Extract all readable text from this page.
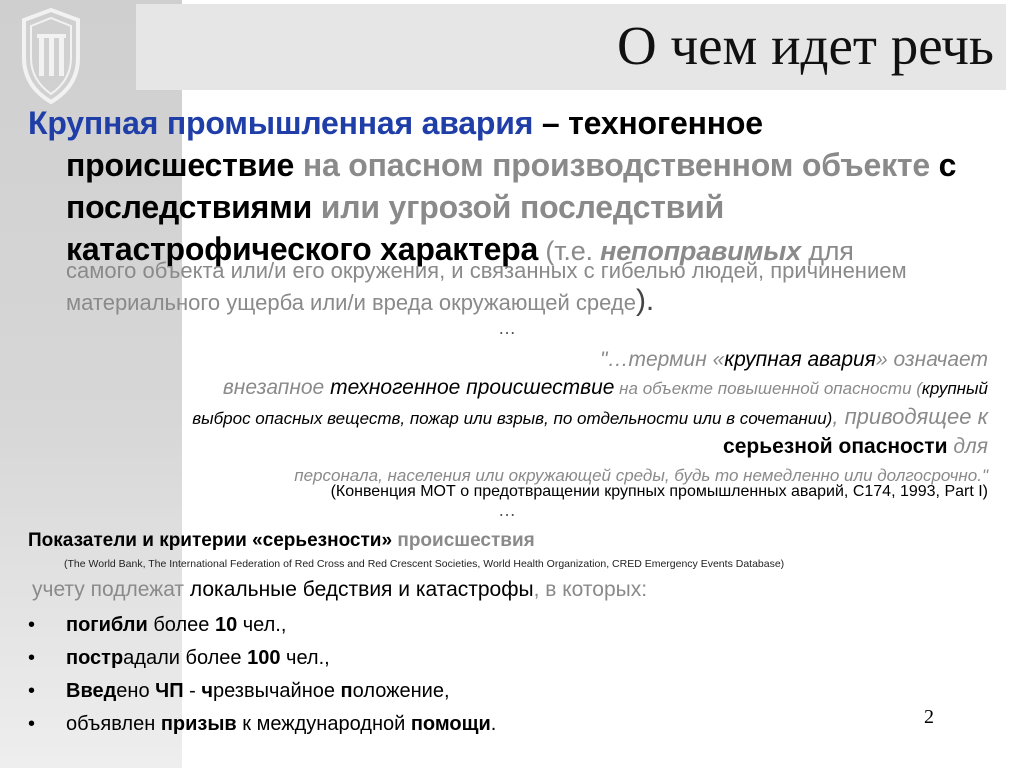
О чем идет речь
Крупная промышленная авария – техногенное
происшествие на опасном производственном объекте с
последствиями или угрозой последствий
катастрофического характера (т.е. непоправимых для
самого объекта или/и его окружения, и связанных с гибелью людей, причинением
материального ущерба или/и вреда окружающей среде).
…
"…термин «крупная авария» означает
внезапное техногенное происшествие на объекте повышенной опасности (крупный
выброс опасных веществ, пожар или взрыв, по отдельности или в сочетании), приводящее к
серьезной опасности для
персонала, населения или окружающей среды, будь то немедленно или долгосрочно."
(Конвенция МОТ о предотвращении крупных промышленных аварий, С174, 1993, Part I)
…
Показатели и критерии «серьезности» происшествия
(The World Bank, The International Federation of Red Cross and Red Crescent Societies, World Health Organization, CRED Emergency Events Database)
учету подлежат локальные бедствия и катастрофы, в которых:
• погибли более 10 чел.,
• пострадали более 100 чел.,
• Введено ЧП - чрезвычайное положение,
• объявлен призыв к международной помощи.	2
